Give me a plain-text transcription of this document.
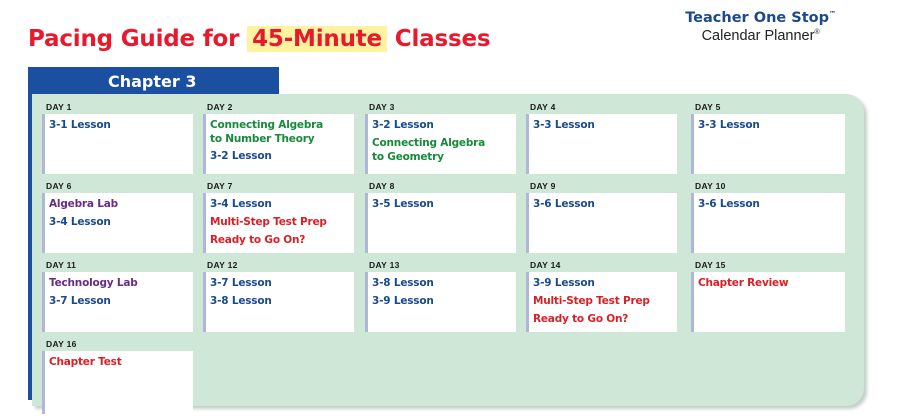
Pacing Guide for 45-Minute Classes
Teacher One Stop™
Calendar Planner®
Chapter 3
DAY 1
3-1 Lesson
DAY 2
Connecting Algebra
to Number Theory
3-2 Lesson
DAY 3
3-2 Lesson
Connecting Algebra
to Geometry
DAY 4
3-3 Lesson
DAY 5
3-3 Lesson
DAY 6
Algebra Lab
3-4 Lesson
DAY 7
3-4 Lesson
Multi-Step Test Prep
Ready to Go On?
DAY 8
3-5 Lesson
DAY 9
3-6 Lesson
DAY 10
3-6 Lesson
DAY 11
Technology Lab
3-7 Lesson
DAY 12
3-7 Lesson
3-8 Lesson
DAY 13
3-8 Lesson
3-9 Lesson
DAY 14
3-9 Lesson
Multi-Step Test Prep
Ready to Go On?
DAY 15
Chapter Review
DAY 16
Chapter Test
